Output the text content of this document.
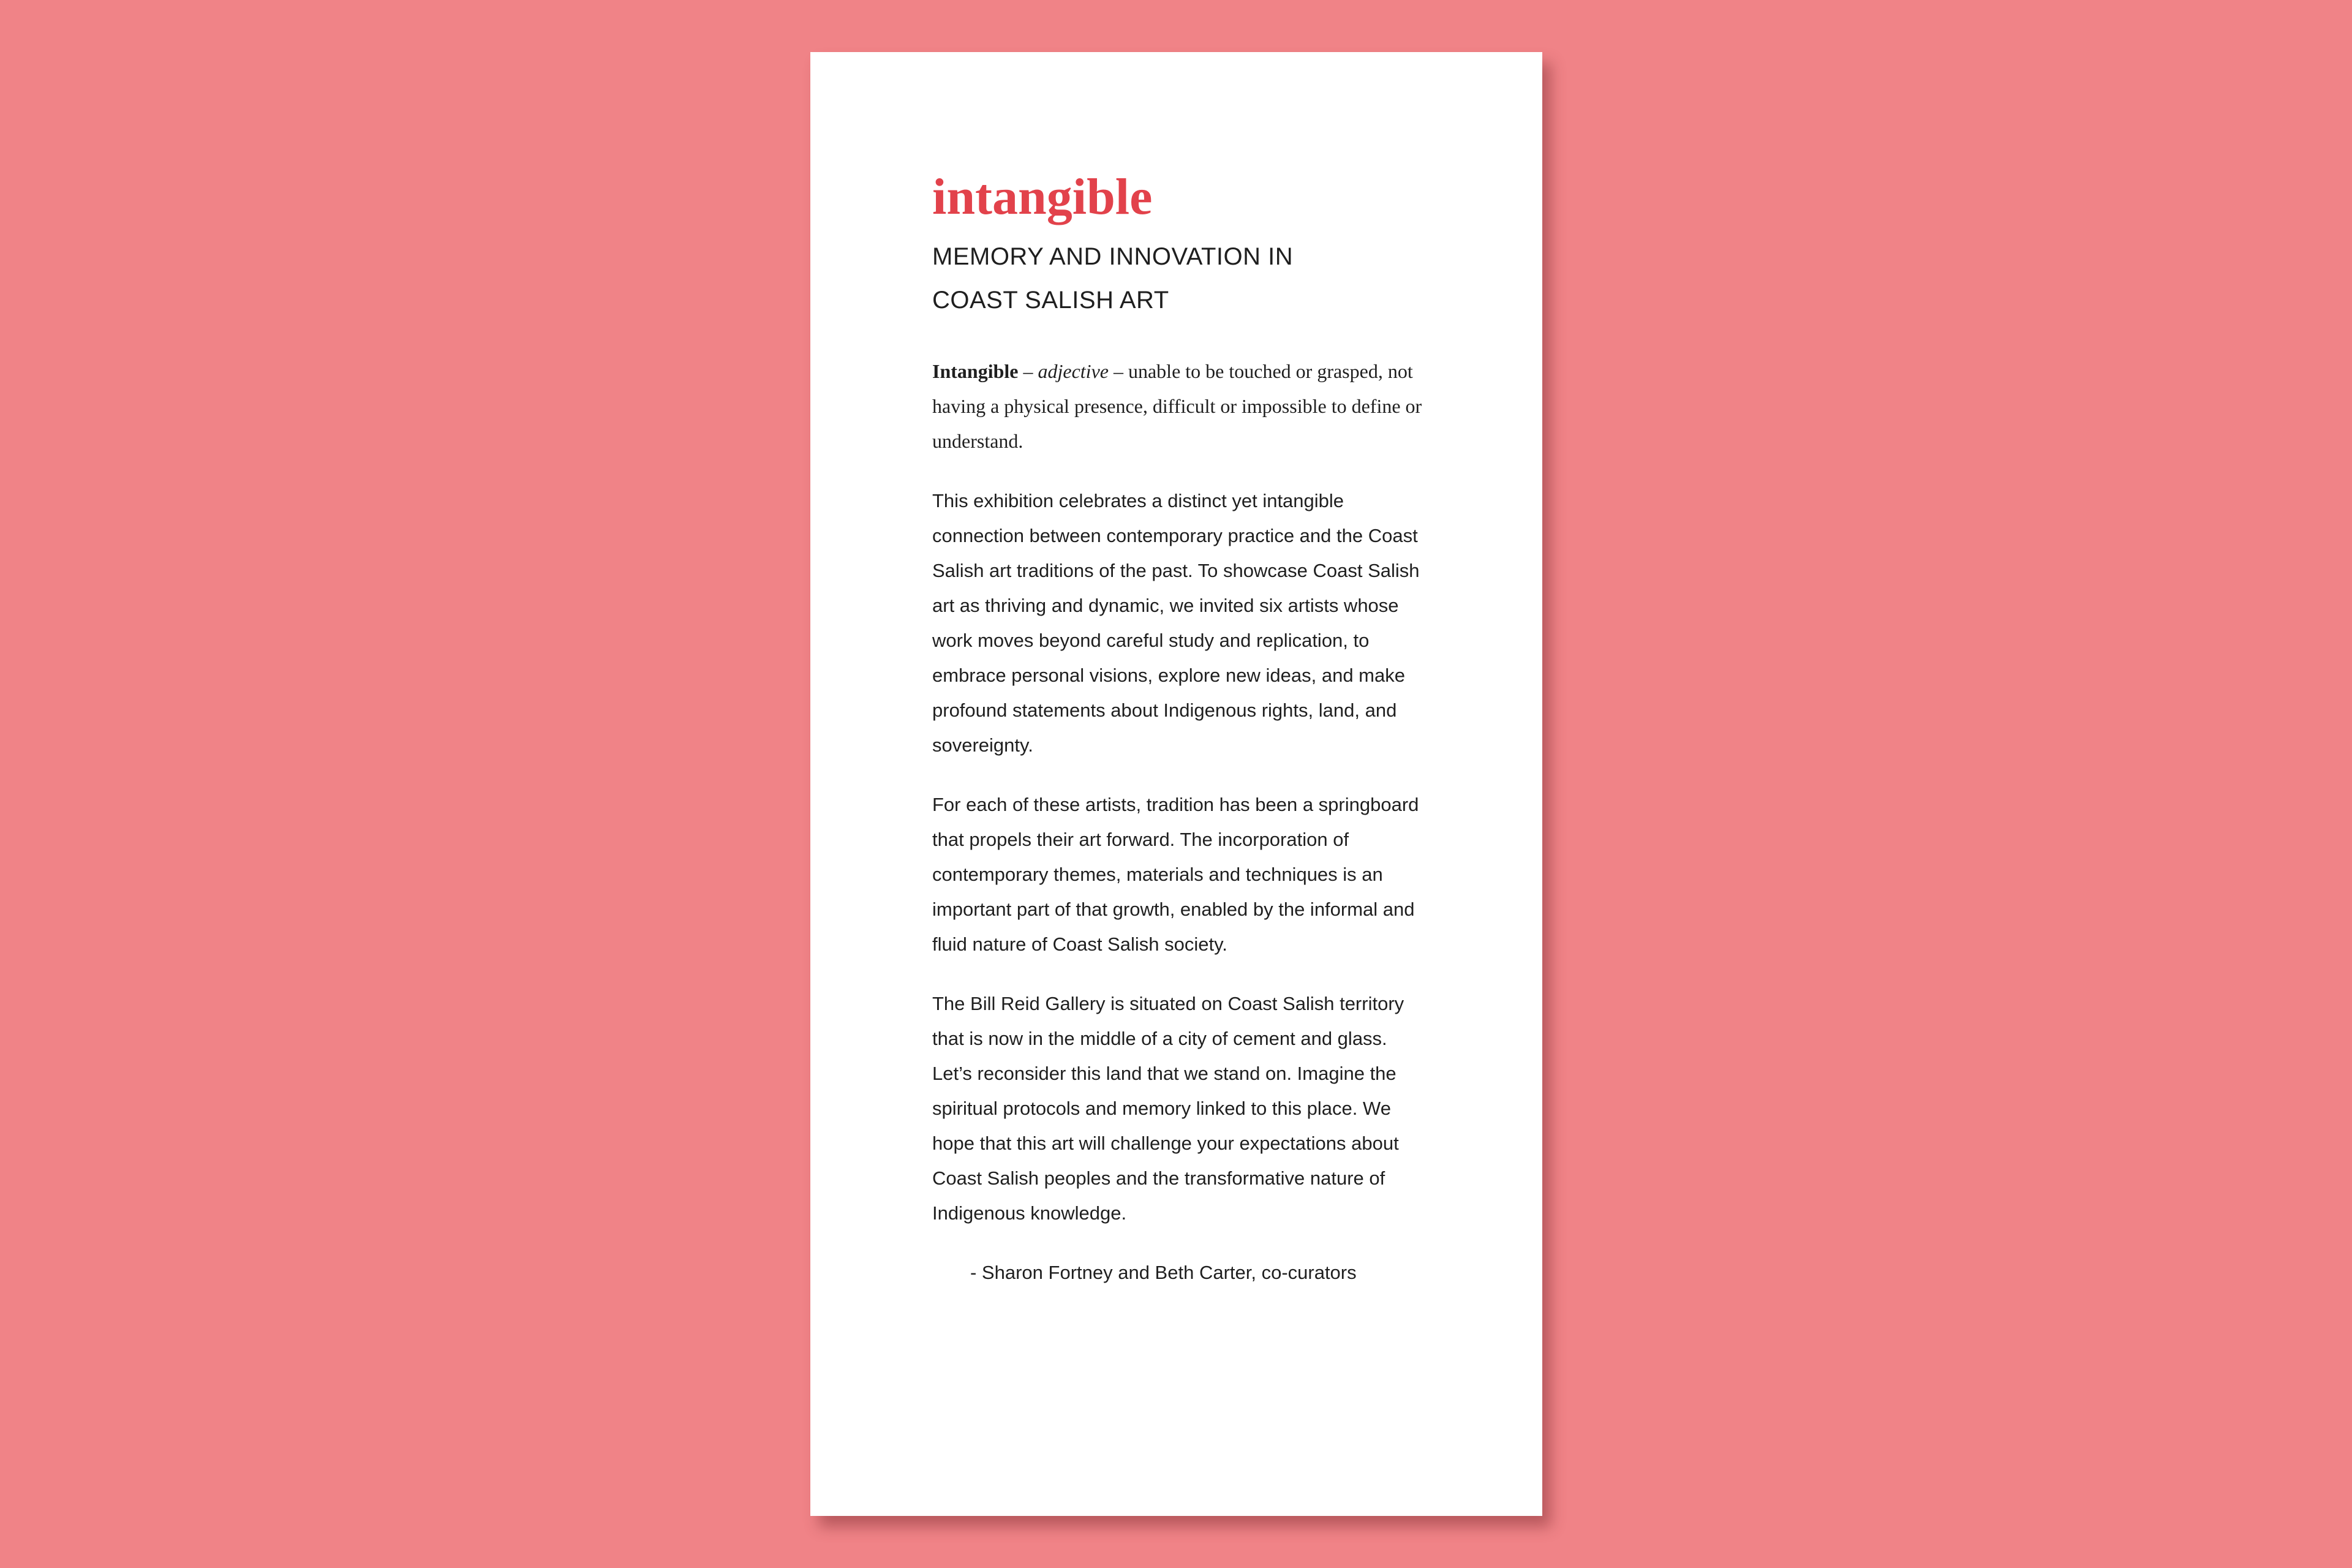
intangible
MEMORY AND INNOVATION IN
COAST SALISH ART

Intangible – adjective – unable to be touched or grasped, not having a physical presence, difficult or impossible to define or understand.

This exhibition celebrates a distinct yet intangible connection between contemporary practice and the Coast Salish art traditions of the past. To showcase Coast Salish art as thriving and dynamic, we invited six artists whose work moves beyond careful study and replication, to embrace personal visions, explore new ideas, and make profound statements about Indigenous rights, land, and sovereignty.

For each of these artists, tradition has been a springboard that propels their art forward. The incorporation of contemporary themes, materials and techniques is an important part of that growth, enabled by the informal and fluid nature of Coast Salish society.

The Bill Reid Gallery is situated on Coast Salish territory that is now in the middle of a city of cement and glass. Let’s reconsider this land that we stand on. Imagine the spiritual protocols and memory linked to this place. We hope that this art will challenge your expectations about Coast Salish peoples and the transformative nature of Indigenous knowledge.

- Sharon Fortney and Beth Carter, co-curators
